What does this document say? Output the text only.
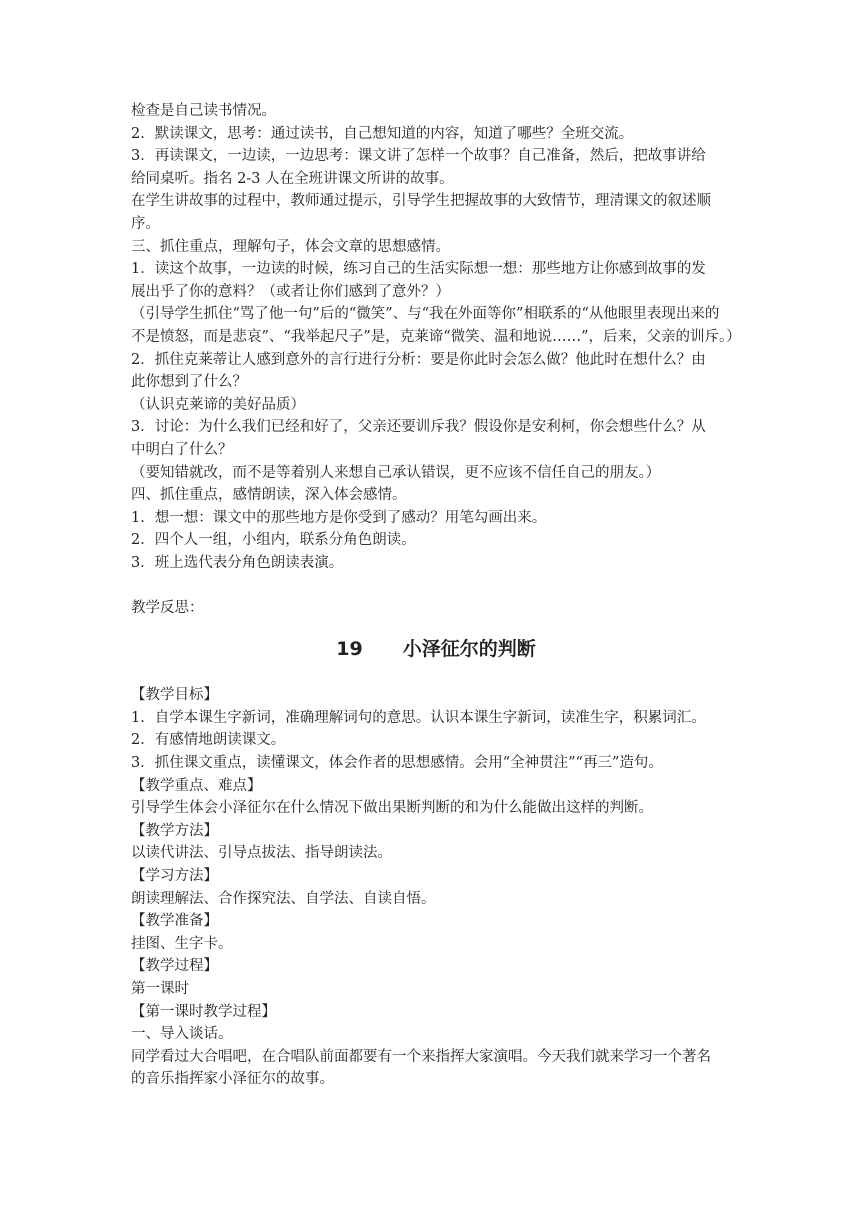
检查是自己读书情况。
2．默读课文，思考：通过读书，自己想知道的内容，知道了哪些？全班交流。
3．再读课文，一边读，一边思考：课文讲了怎样一个故事？自己准备，然后，把故事讲给
给同桌听。指名 2-3 人在全班讲课文所讲的故事。
在学生讲故事的过程中，教师通过提示，引导学生把握故事的大致情节，理清课文的叙述顺
序。
三、抓住重点，理解句子，体会文章的思想感情。
1．读这个故事，一边读的时候，练习自己的生活实际想一想：那些地方让你感到故事的发
展出乎了你的意料？（或者让你们感到了意外？）
（引导学生抓住“骂了他一句”后的“微笑”、与“我在外面等你”相联系的“从他眼里表现出来的
不是愤怒，而是悲哀”、“我举起尺子”是，克莱谛“微笑、温和地说……”，后来，父亲的训斥。）
2．抓住克莱蒂让人感到意外的言行进行分析：要是你此时会怎么做？他此时在想什么？由
此你想到了什么？
（认识克莱谛的美好品质）
3．讨论：为什么我们已经和好了，父亲还要训斥我？假设你是安利柯，你会想些什么？从
中明白了什么？
（要知错就改，而不是等着别人来想自己承认错误，更不应该不信任自己的朋友。）
四、抓住重点，感情朗读，深入体会感情。
1．想一想：课文中的那些地方是你受到了感动？用笔勾画出来。
2．四个人一组，小组内，联系分角色朗读。
3．班上选代表分角色朗读表演。
教学反思：
19 小泽征尔的判断
【教学目标】
1．自学本课生字新词，准确理解词句的意思。认识本课生字新词，读准生字，积累词汇。
2．有感情地朗读课文。
3．抓住课文重点，读懂课文，体会作者的思想感情。会用“全神贯注”“再三”造句。
【教学重点、难点】
引导学生体会小泽征尔在什么情况下做出果断判断的和为什么能做出这样的判断。
【教学方法】
以读代讲法、引导点拔法、指导朗读法。
【学习方法】
朗读理解法、合作探究法、自学法、自读自悟。
【教学准备】
挂图、生字卡。
【教学过程】
第一课时
【第一课时教学过程】
一、导入谈话。
同学看过大合唱吧，在合唱队前面都要有一个来指挥大家演唱。今天我们就来学习一个著名
的音乐指挥家小泽征尔的故事。
